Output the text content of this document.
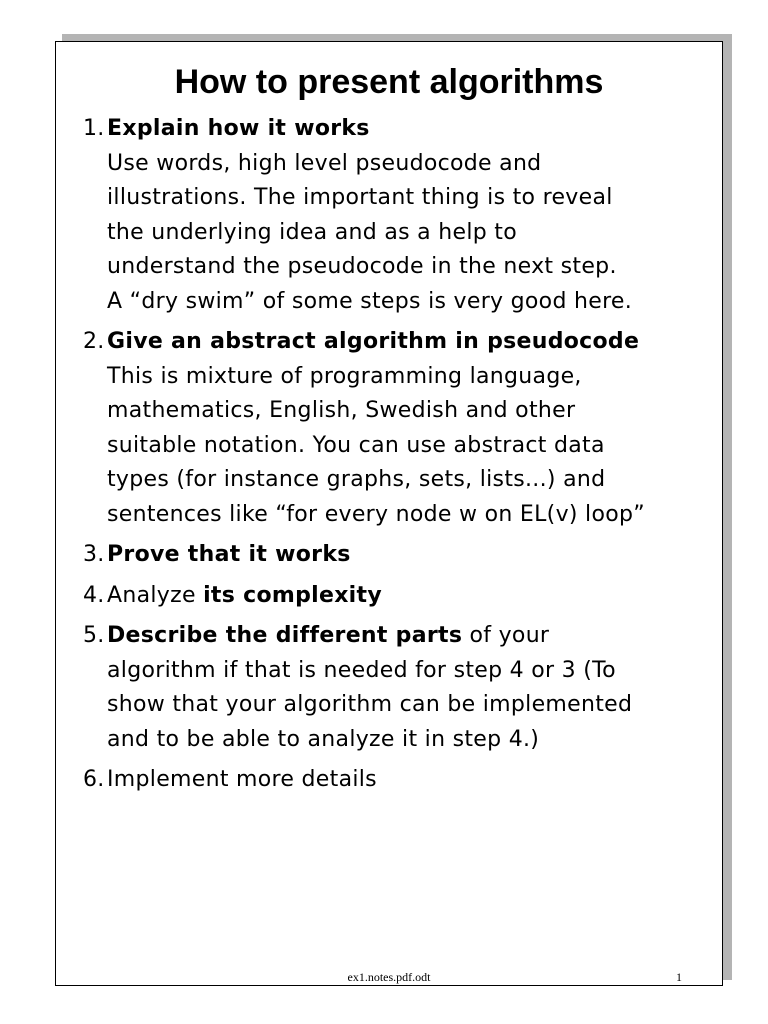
How to present algorithms
1. Explain how it works
Use words, high level pseudocode and
illustrations. The important thing is to reveal
the underlying idea and as a help to
understand the pseudocode in the next step.
A “dry swim” of some steps is very good here.
2. Give an abstract algorithm in pseudocode
This is mixture of programming language,
mathematics, English, Swedish and other
suitable notation. You can use abstract data
types (for instance graphs, sets, lists...) and
sentences like “for every node w on EL(v) loop”
3. Prove that it works
4. Analyze its complexity
5. Describe the different parts of your
algorithm if that is needed for step 4 or 3 (To
show that your algorithm can be implemented
and to be able to analyze it in step 4.)
6. Implement more details
ex1.notes.pdf.odt	1
